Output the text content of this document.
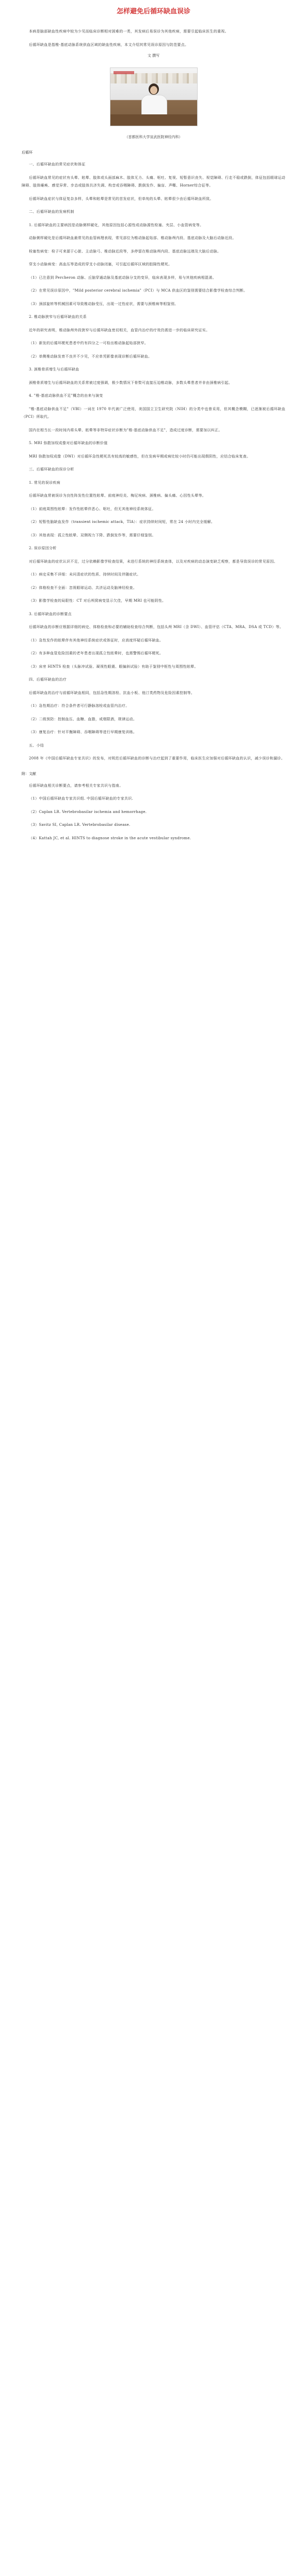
怎样避免后循环缺血误诊

本病是脑部缺血性疾病中较为少见而临床诊断相对困难的一类，其发病后易误诊为其他疾病，需要引起临床医生的重视。

后循环缺血是指椎-基底动脉系统供血区域的缺血性疾病，本文介绍其常见误诊原因与防范要点。

文 撰写
（首都医科大学宣武医院神经内科）

后循环

一、后循环缺血的常见症状和体征

后循环缺血常见的症状有头晕、眩晕、肢体或头面部麻木、肢体无力、头痛、呕吐、复视、短暂意识丧失、视觉障碍、行走不稳或跌倒，体征包括眼球运动障碍、肢体瘫痪、感觉异常、步态或肢体共济失调、构音或吞咽障碍、跌倒发作、偏盲、声嘶、Horner综合征等。

后循环缺血症状与体征复杂多样，头晕和眩晕是常见的首发症状，但单纯的头晕、眩晕很少由后循环缺血所致。

二、后循环缺血的发病机制

1. 后循环缺血的主要病因是动脉粥样硬化，其他原因包括心源性或动脉源性栓塞、夹层、小血管病变等。

动脉粥样硬化是后循环缺血最常见的血管病理表现，常见部位为椎动脉起始部、椎动脉颅内段、基底动脉及大脑后动脉近段。

栓塞性病变：栓子可来源于心脏、主动脉弓、椎动脉近段等，多停留在椎动脉颅内段、基底动脉远端及大脑后动脉。

穿支小动脉病变：高血压等造成的穿支小动脉闭塞，可引起后循环区域的腔隙性梗死。

（1）已注意到 Percheron 动脉、丘脑穿通动脉及基底动脉分支的变异，临床表现多样，易与其他疾病相混淆。

（2）在常见误诊原因中，"Mild posterior cerebral ischemia"（PCI）与 MCA 供血区的鉴别需要结合影像学检查综合判断。

（3）颈部旋转等机械因素可导致椎动脉受压，出现一过性症状，需要与颈椎病等相鉴别。

2. 椎动脉狭窄与后循环缺血的关系

近年的研究表明，椎动脉颅外段狭窄与后循环缺血密切相关，血管内治疗的疗效仍需进一步的临床研究证实。

（1）新发的后循环梗死患者中约有四分之一可检出椎动脉起始部狭窄。

（2）单侧椎动脉发育不良并不少见，不应单凭影像表现诊断后循环缺血。

3. 颈椎骨质增生与后循环缺血

颈椎骨质增生与后循环缺血的关系常被过度强调，极少数情况下骨赘可直接压迫椎动脉，多数头晕患者并非由颈椎病引起。

4. "椎-基底动脉供血不足"概念的由来与演变

"椎-基底动脉供血不足"（VBI）一词在 1970 年代被广泛使用，美国国立卫生研究院（NIH）的分类中也曾采用，但其概念模糊，已逐渐被后循环缺血（PCI）所取代。

国内在相当长一段时间内将头晕、眩晕等非特异症状诊断为"椎-基底动脉供血不足"，造成过度诊断，需要加以纠正。

5. MRI 弥散加权成像对后循环缺血的诊断价值

MRI 弥散加权成像（DWI）对后循环急性梗死具有较高的敏感性，但在发病早期或病灶较小时仍可能出现假阴性，应结合临床复查。

三、后循环缺血的误诊分析

1. 常见的误诊疾病

后循环缺血常被误诊为良性阵发性位置性眩晕、前庭神经炎、梅尼埃病、颈椎病、偏头痛、心因性头晕等。

（1）前庭周围性眩晕：发作性眩晕伴恶心、呕吐，但无其他神经系统体征。

（2）短暂性脑缺血发作（transient ischemic attack，TIA）：症状持续时间短，常在 24 小时内完全缓解。

（3）其他表现：孤立性眩晕、双侧视力下降、跌倒发作等，需要仔细鉴别。

2. 误诊原因分析

对后循环缺血的症状认识不足，过分依赖影像学检查结果，未进行系统的神经系统查体，以及对疾病的动态演变缺乏观察，都是导致误诊的常见原因。

（1）病史采集不详细：未问清症状的性质、持续时间及伴随症状。

（2）体格检查不全面：忽视眼球运动、共济运动及脑神经检查。

（3）影像学检查的局限性：CT 对后颅窝病变显示欠佳，早期 MRI 也可能阴性。

3. 后循环缺血的诊断要点

后循环缺血的诊断应根据详细的病史、体格检查和必要的辅助检查综合判断，包括头颅 MRI（含 DWI）、血管评估（CTA、MRA、DSA 或 TCD）等。

（1）急性发作的眩晕伴有其他神经系统症状或体征时，应高度怀疑后循环缺血。

（2）有多种血管危险因素的老年患者出现孤立性眩晕时，也需警惕后循环梗死。

（3）床旁 HINTS 检查（头脉冲试验、凝视性眼震、眼偏斜试验）有助于鉴别中枢性与周围性眩晕。

四、后循环缺血的治疗

后循环缺血的治疗与前循环缺血相同，包括急性期溶栓、抗血小板、他汀类药物及危险因素控制等。

（1）急性期治疗：符合条件者可行静脉溶栓或血管内治疗。

（2）二级预防：控制血压、血糖、血脂，戒烟限酒，规律运动。

（3）康复治疗：针对平衡障碍、吞咽障碍等进行早期康复训练。

五、小结

2008 年《中国后循环缺血专家共识》的发布，对规范后循环缺血的诊断与治疗起到了重要作用，临床医生应加强对后循环缺血的认识，减少误诊和漏诊。

附：文献

后循环缺血相关诊断要点，请参考相关专家共识与指南。

（1）中国后循环缺血专家共识组. 中国后循环缺血的专家共识.

（2）Caplan LR. Vertebrobasilar ischemia and hemorrhage.

（3）Savitz SI, Caplan LR. Vertebrobasilar disease.

（4）Kattah JC, et al. HINTS to diagnose stroke in the acute vestibular syndrome.
